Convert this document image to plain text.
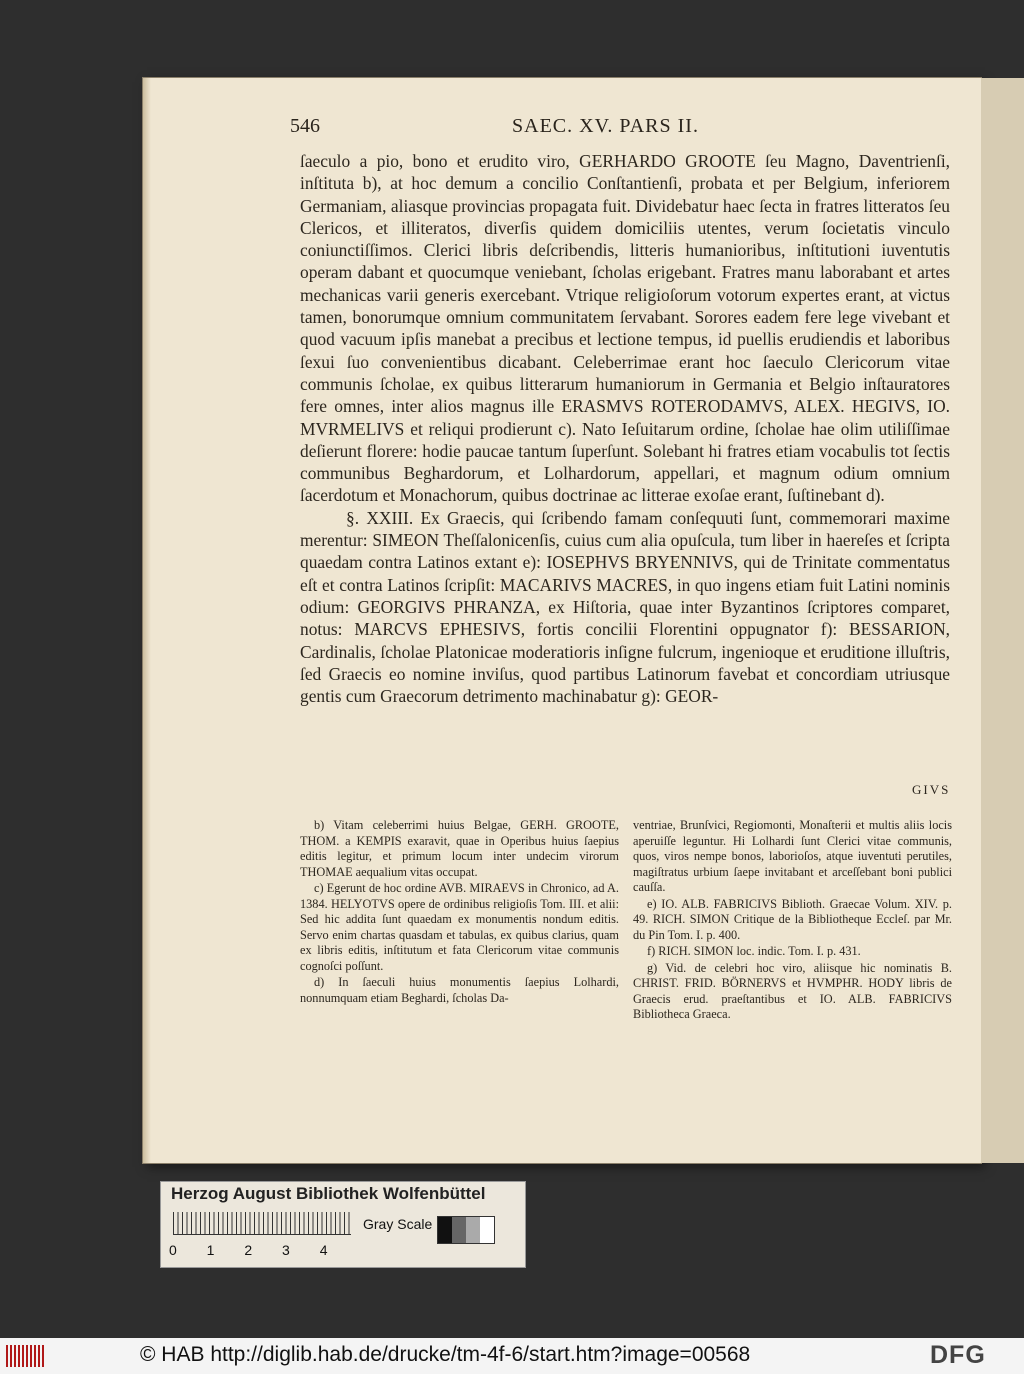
546	SAEC. XV. PARS II.

ſaeculo a pio, bono et erudito viro, GERHARDO GROOTE ſeu Magno, Daventrienſi, inſtituta b), at hoc demum a concilio Conſtantienſi, probata et per Belgium, inferiorem Germaniam, aliasque provincias propagata fuit. Dividebatur haec ſecta in fratres litteratos ſeu Clericos, et illiteratos, diverſis quidem domiciliis utentes, verum ſocietatis vinculo coniunctiſſimos. Clerici libris deſcribendis, litteris humanioribus, inſtitutioni iuventutis operam dabant et quocumque veniebant, ſcholas erigebant. Fratres manu laborabant et artes mechanicas varii generis exercebant. Vtrique religioſorum votorum expertes erant, at victus tamen, bonorumque omnium communitatem ſervabant. Sorores eadem fere lege vivebant et quod vacuum ipſis manebat a precibus et lectione tempus, id puellis erudiendis et laboribus ſexui ſuo convenientibus dicabant. Celeberrimae erant hoc ſaeculo Clericorum vitae communis ſcholae, ex quibus litterarum humaniorum in Germania et Belgio inſtauratores fere omnes, inter alios magnus ille ERASMVS ROTERODAMVS, ALEX. HEGIVS, IO. MVRMELIVS et reliqui prodierunt c). Nato Ieſuitarum ordine, ſcholae hae olim utiliſſimae deſierunt florere: hodie paucae tantum ſuperſunt. Solebant hi fratres etiam vocabulis tot ſectis communibus Beghardorum, et Lolhardorum, appellari, et magnum odium omnium ſacerdotum et Monachorum, quibus doctrinae ac litterae exoſae erant, ſuſtinebant d).

§. XXIII. Ex Graecis, qui ſcribendo famam conſequuti ſunt, commemorari maxime merentur: SIMEON Theſſalonicenſis, cuius cum alia opuſcula, tum liber in haereſes et ſcripta quaedam contra Latinos extant e): IOSEPHVS BRYENNIVS, qui de Trinitate commentatus eſt et contra Latinos ſcripſit: MACARIVS MACRES, in quo ingens etiam fuit Latini nominis odium: GEORGIVS PHRANZA, ex Hiſtoria, quae inter Byzantinos ſcriptores comparet, notus: MARCVS EPHESIVS, fortis concilii Florentini oppugnator f): BESSARION, Cardinalis, ſcholae Platonicae moderatioris inſigne fulcrum, ingenioque et eruditione illuſtris, ſed Graecis eo nomine inviſus, quod partibus Latinorum favebat et concordiam utriusque gentis cum Graecorum detrimento machinabatur g): GEOR-

GIVS

b) Vitam celeberrimi huius Belgae, GERH. GROOTE, THOM. a KEMPIS exaravit, quae in Operibus huius ſaepius editis legitur, et primum locum inter undecim virorum THOMAE aequalium vitas occupat.

c) Egerunt de hoc ordine AVB. MIRAEVS in Chronico, ad A. 1384. HELYOTVS opere de ordinibus religioſis Tom. III. et alii: Sed hic addita ſunt quaedam ex monumentis nondum editis. Servo enim chartas quasdam et tabulas, ex quibus clarius, quam ex libris editis, inſtitutum et fata Clericorum vitae communis cognoſci poſſunt.

d) In ſaeculi huius monumentis ſaepius Lolhardi, nonnumquam etiam Beghardi, ſcholas Da-

ventriae, Brunſvici, Regiomonti, Monaſterii et multis aliis locis aperuiſſe leguntur. Hi Lolhardi ſunt Clerici vitae communis, quos, viros nempe bonos, laborioſos, atque iuventuti perutiles, magiſtratus urbium ſaepe invitabant et arceſſebant boni publici cauſſa.

e) IO. ALB. FABRICIVS Biblioth. Graecae Volum. XIV. p. 49. RICH. SIMON Critique de la Bibliotheque Eccleſ. par Mr. du Pin Tom. I. p. 400.

f) RICH. SIMON loc. indic. Tom. I. p. 431.

g) Vid. de celebri hoc viro, aliisque hic nominatis B. CHRIST. FRID. BÖRNERVS et HVMPHR. HODY libris de Graecis erud. praeſtantibus et IO. ALB. FABRICIVS Bibliotheca Graeca.

Herzog August Bibliothek Wolfenbüttel
0 1 2 3 4
Gray Scale
© HAB http://diglib.hab.de/drucke/tm-4f-6/start.htm?image=00568	DFG
